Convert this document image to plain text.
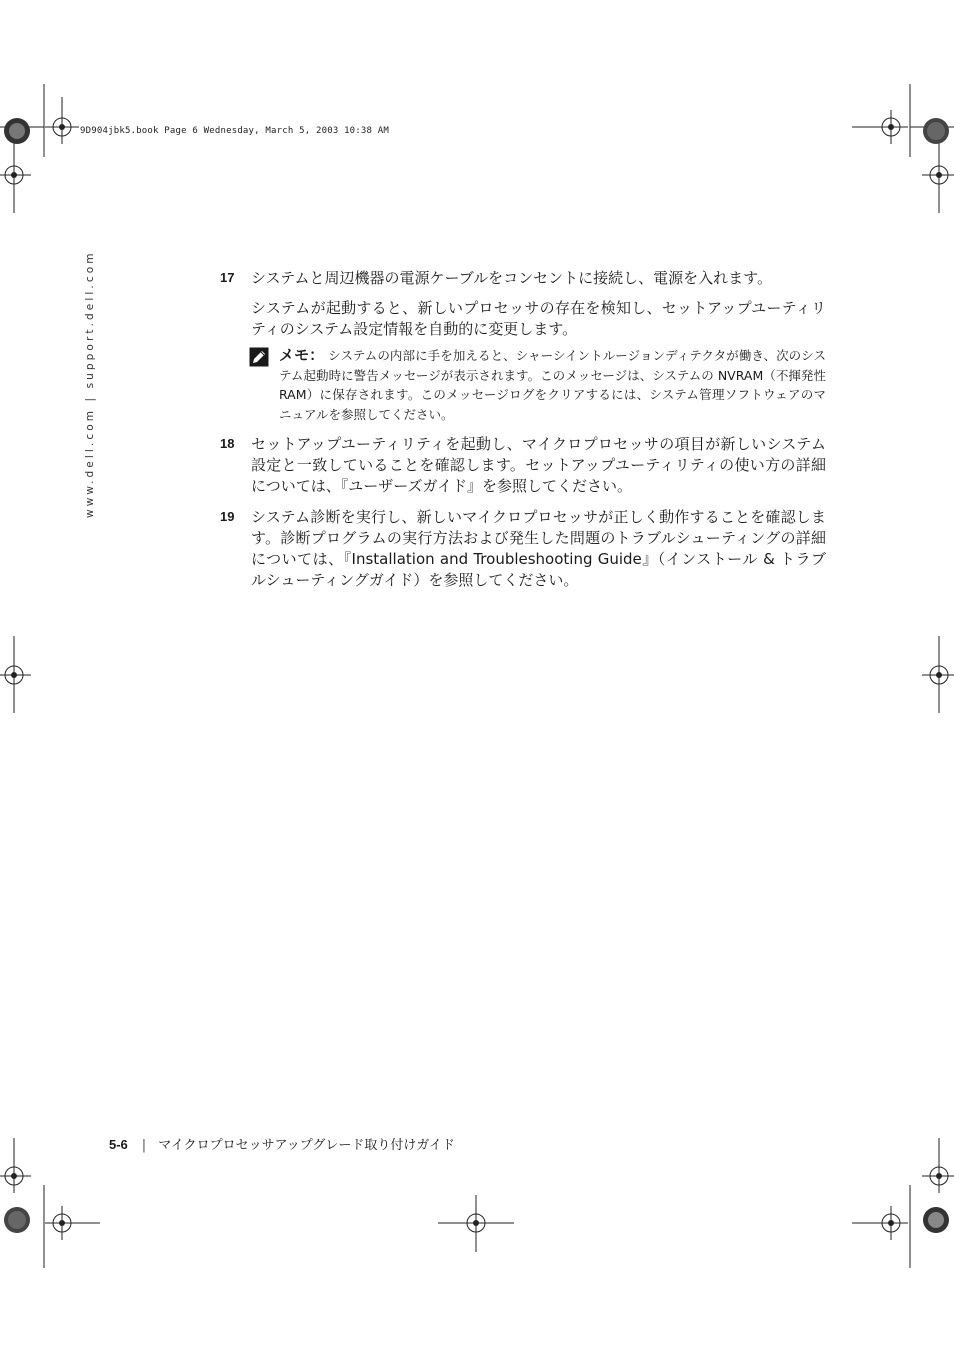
9D904jbk5.book Page 6 Wednesday, March 5, 2003 10:38 AM
www.dell.com | support.dell.com	17 システムと周辺機器の電源ケーブルをコンセントに接続し、電源を入れます。
システムが起動すると、新しいプロセッサの存在を検知し、セットアップユーティリティのシステム設定情報を自動的に変更します。
メモ： システムの内部に手を加えると、シャーシイントルージョンディテクタが働き、次のシステム起動時に警告メッセージが表示されます。このメッセージは、システムの NVRAM（不揮発性 RAM）に保存されます。このメッセージログをクリアするには、システム管理ソフトウェアのマニュアルを参照してください。
18 セットアップユーティリティを起動し、マイクロプロセッサの項目が新しいシステム設定と一致していることを確認します。セットアップユーティリティの使い方の詳細については、『ユーザーズガイド』を参照してください。
19 システム診断を実行し、新しいマイクロプロセッサが正しく動作することを確認します。診断プログラムの実行方法および発生した問題のトラブルシューティングの詳細については、『Installation and Troubleshooting Guide』（インストール & トラブルシューティングガイド）を参照してください。
5-6 | マイクロプロセッサアップグレード取り付けガイド
